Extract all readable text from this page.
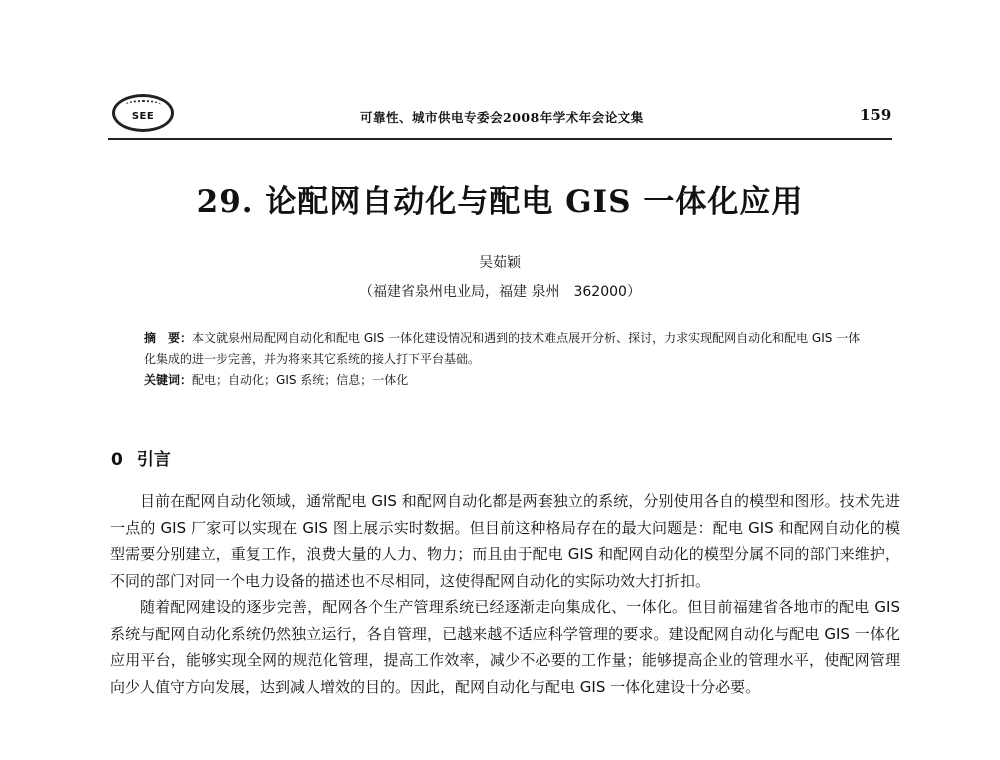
SEE	可靠性、城市供电专委会2008年学术年会论文集	159
29. 论配网自动化与配电 GIS 一体化应用
吴茹颖
（福建省泉州电业局，福建 泉州　362000）
摘　要：本文就泉州局配网自动化和配电 GIS 一体化建设情况和遇到的技术难点展开分析、探讨，力求实现配网自动化和配电 GIS 一体化集成的进一步完善，并为将来其它系统的接人打下平台基础。
关键词：配电；自动化；GIS 系统；信息；一体化
0 引言

目前在配网自动化领域，通常配电 GIS 和配网自动化都是两套独立的系统，分别使用各自的模型和图形。技术先进一点的 GIS 厂家可以实现在 GIS 图上展示实时数据。但目前这种格局存在的最大问题是：配电 GIS 和配网自动化的模型需要分别建立，重复工作，浪费大量的人力、物力；而且由于配电 GIS 和配网自动化的模型分属不同的部门来维护，不同的部门对同一个电力设备的描述也不尽相同，这使得配网自动化的实际功效大打折扣。

随着配网建设的逐步完善，配网各个生产管理系统已经逐渐走向集成化、一体化。但目前福建省各地市的配电 GIS 系统与配网自动化系统仍然独立运行，各自管理，已越来越不适应科学管理的要求。建设配网自动化与配电 GIS 一体化应用平台，能够实现全网的规范化管理，提高工作效率，减少不必要的工作量；能够提高企业的管理水平，使配网管理向少人值守方向发展，达到减人增效的目的。因此，配网自动化与配电 GIS 一体化建设十分必要。
